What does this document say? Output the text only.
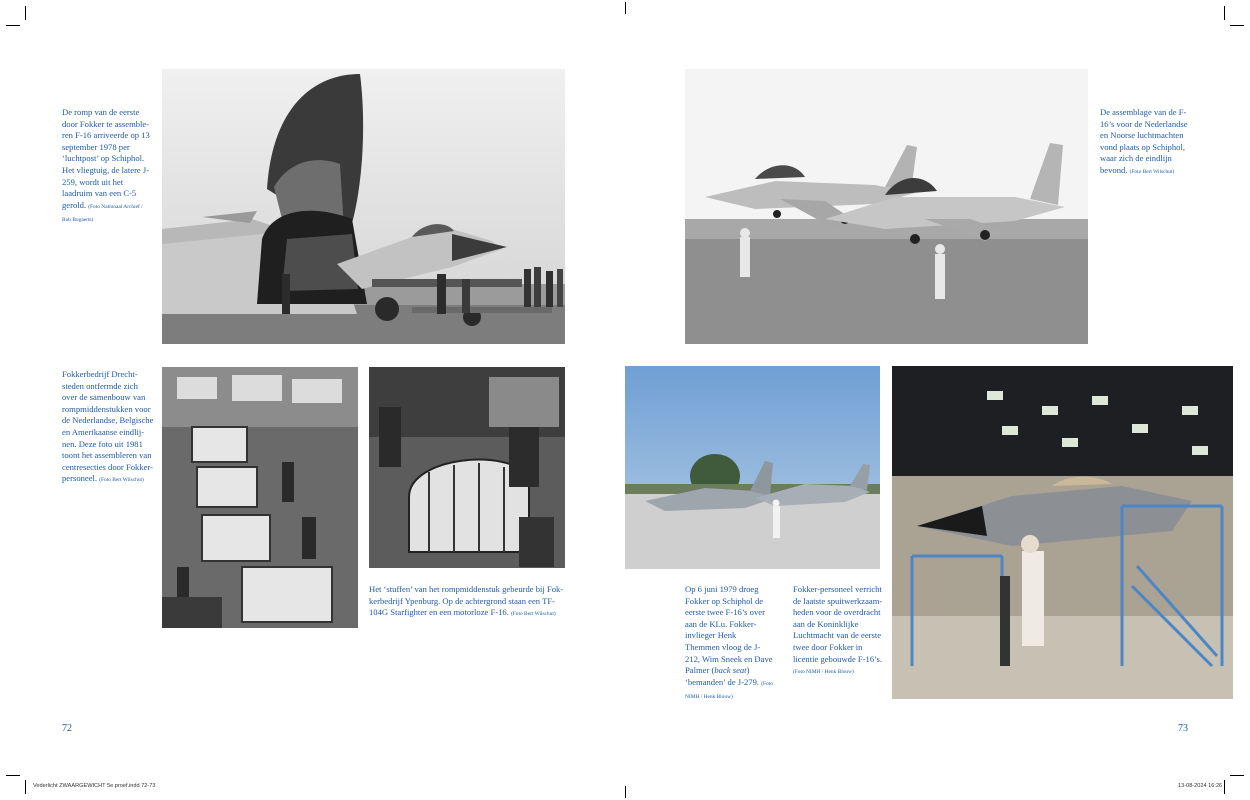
De romp van de eerste door Fokker te assembleren F-16 arriveerde op 13 september 1978 per ‘luchtpost’ op Schiphol. Het vliegtuig, de latere J-259, wordt uit het laadruim van een C-5 gerold. (Foto Nationaal Archief / Rob Bogaerts)

De assemblage van de F-16’s voor de Nederlandse en Noorse luchtmachten vond plaats op Schiphol, waar zich de eindlijn bevond. (Foto Bert Wilschut)

Fokkerbedrijf Drechtsteden ontfermde zich over de samenbouw van rompmiddenstukken voor de Nederlandse, Belgische en Amerikaanse eindlijnen. Deze foto uit 1981 toont het assembleren van centresecties door Fokker-personeel. (Foto Bert Wilschut)

Het ‘stuffen’ van het rompmiddenstuk gebeurde bij Fokkerbedrijf Ypenburg. Op de achtergrond staan een TF-104G Starfighter en een motorloze F-16. (Foto Bert Wilschut)

Op 6 juni 1979 droeg Fokker op Schiphol de eerste twee F-16’s over aan de KLu. Fokker-invlieger Henk Themmen vloog de J-212, Wim Sneek en Dave Palmer (back seat) ‘bemanden’ de J-279. (Foto NIMH / Henk Blouw)

Fokker-personeel verricht de laatste spuitwerkzaamheden voor de overdracht aan de Koninklijke Luchtmacht van de eerste twee door Fokker in licentie gebouwde F-16’s. (Foto NIMH / Henk Blouw)

72	73
Vederlicht ZWAARGEWICHT 5e proef.indd 72-73	13-08-2024 16:26
